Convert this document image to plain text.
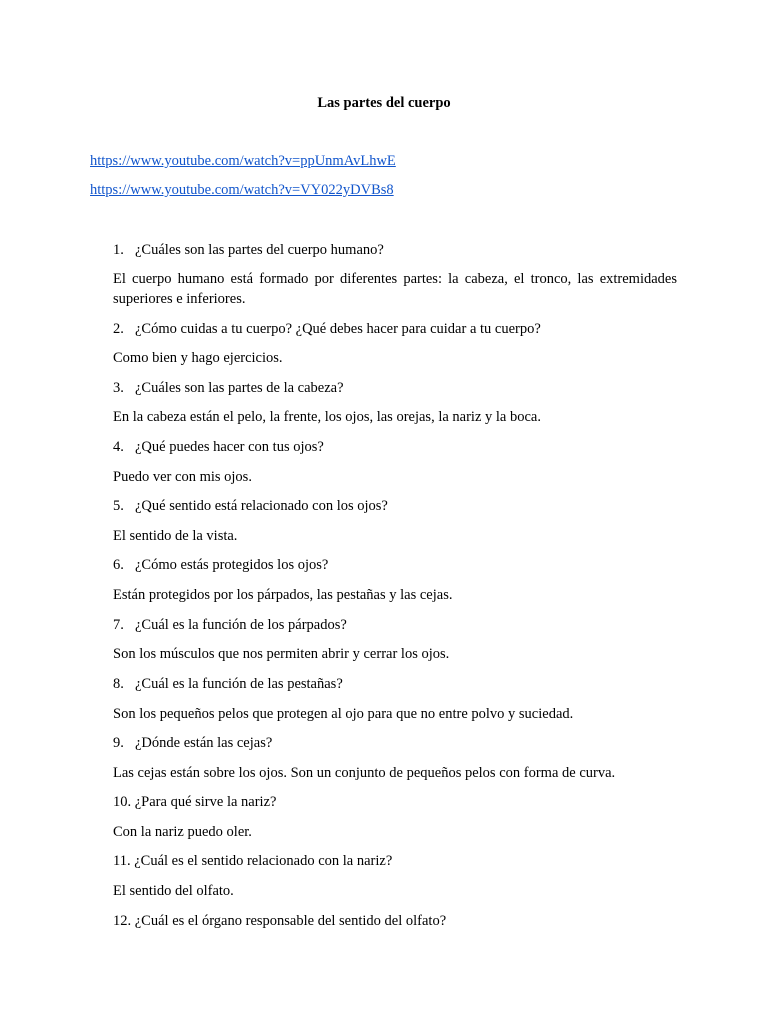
Las partes del cuerpo
https://www.youtube.com/watch?v=ppUnmAvLhwE
https://www.youtube.com/watch?v=VY022yDVBs8
1. ¿Cuáles son las partes del cuerpo humano?
El cuerpo humano está formado por diferentes partes: la cabeza, el tronco, las extremidades superiores e inferiores.
2. ¿Cómo cuidas a tu cuerpo? ¿Qué debes hacer para cuidar a tu cuerpo?
Como bien y hago ejercicios.
3. ¿Cuáles son las partes de la cabeza?
En la cabeza están el pelo, la frente, los ojos, las orejas, la nariz y la boca.
4. ¿Qué puedes hacer con tus ojos?
Puedo ver con mis ojos.
5. ¿Qué sentido está relacionado con los ojos?
El sentido de la vista.
6. ¿Cómo estás protegidos los ojos?
Están protegidos por los párpados, las pestañas y las cejas.
7. ¿Cuál es la función de los párpados?
Son los músculos que nos permiten abrir y cerrar los ojos.
8. ¿Cuál es la función de las pestañas?
Son los pequeños pelos que protegen al ojo para que no entre polvo y suciedad.
9. ¿Dónde están las cejas?
Las cejas están sobre los ojos. Son un conjunto de pequeños pelos con forma de curva.
10. ¿Para qué sirve la nariz?
Con la nariz puedo oler.
11. ¿Cuál es el sentido relacionado con la nariz?
El sentido del olfato.
12. ¿Cuál es el órgano responsable del sentido del olfato?
